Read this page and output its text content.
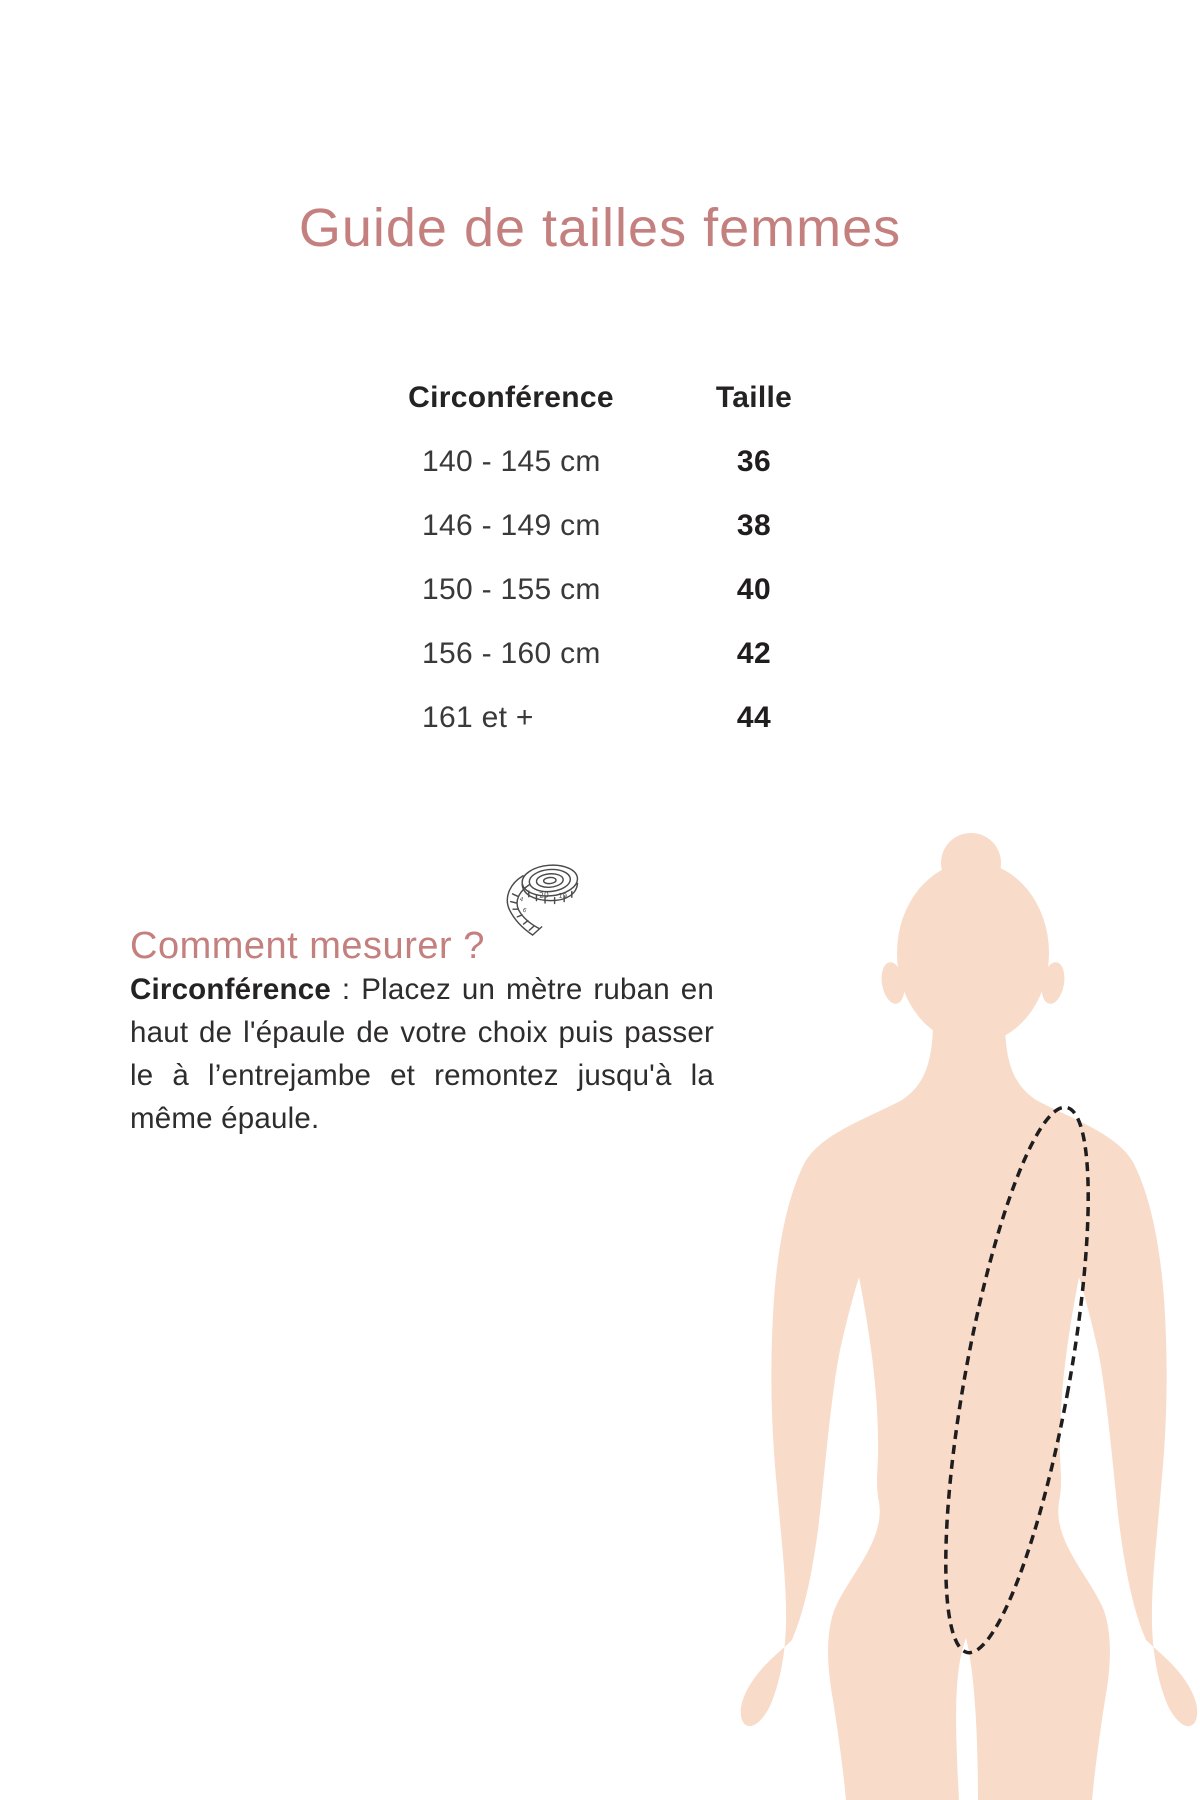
Guide de tailles femmes
Circonférence	Taille
140 - 145 cm	36
146 - 149 cm	38
150 - 155 cm	40
156 - 160 cm	42
161 et +	44
Comment mesurer ?
20 19
4
6

Circonférence : Placez un mètre ruban en haut de l'épaule de votre choix puis passer le à l’entrejambe et remontez jusqu'à la même épaule.
